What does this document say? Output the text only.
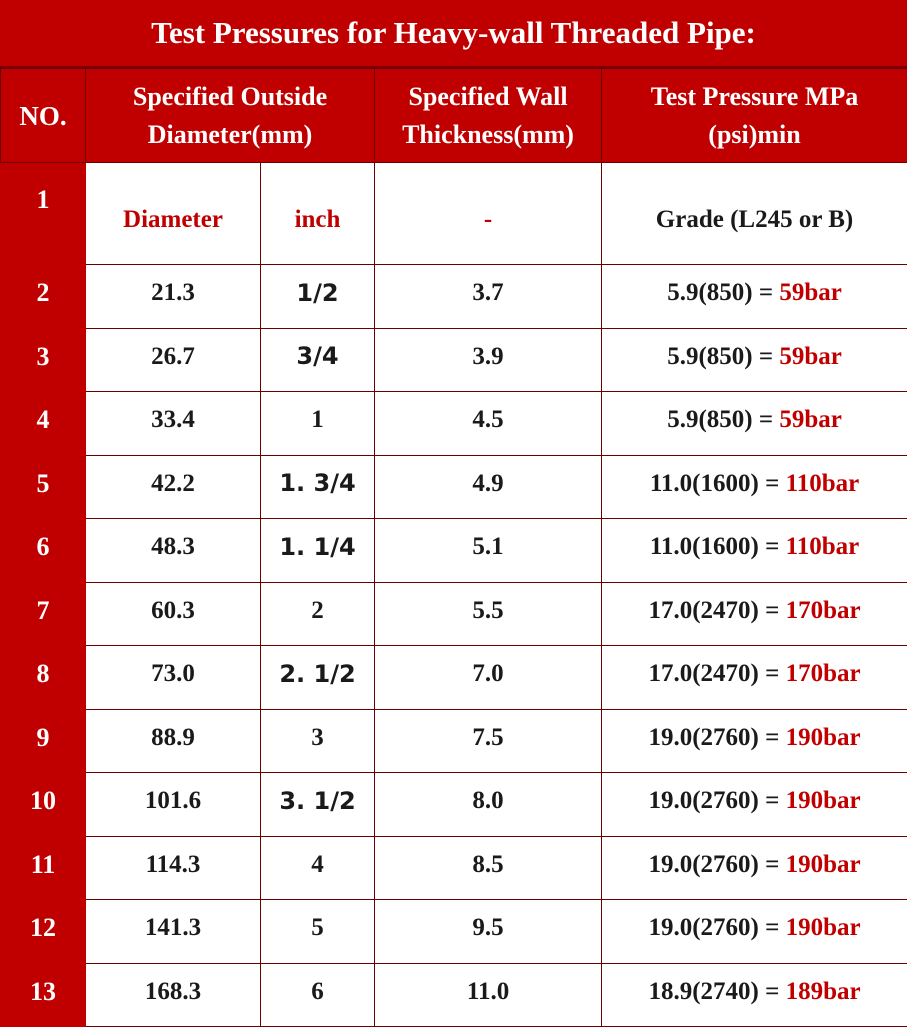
Test Pressures for Heavy-wall Threaded Pipe:
NO.	Specified Outside Diameter(mm)		Specified Wall Thickness(mm)	Test Pressure MPa (psi)min
1	Diameter	inch	-	Grade (L245 or B)
2	21.3	1/2	3.7	5.9(850) = 59bar
3	26.7	3/4	3.9	5.9(850) = 59bar
4	33.4	1	4.5	5.9(850) = 59bar
5	42.2	1. 3/4	4.9	11.0(1600) = 110bar
6	48.3	1. 1/4	5.1	11.0(1600) = 110bar
7	60.3	2	5.5	17.0(2470) = 170bar
8	73.0	2. 1/2	7.0	17.0(2470) = 170bar
9	88.9	3	7.5	19.0(2760) = 190bar
10	101.6	3. 1/2	8.0	19.0(2760) = 190bar
11	114.3	4	8.5	19.0(2760) = 190bar
12	141.3	5	9.5	19.0(2760) = 190bar
13	168.3	6	11.0	18.9(2740) = 189bar
